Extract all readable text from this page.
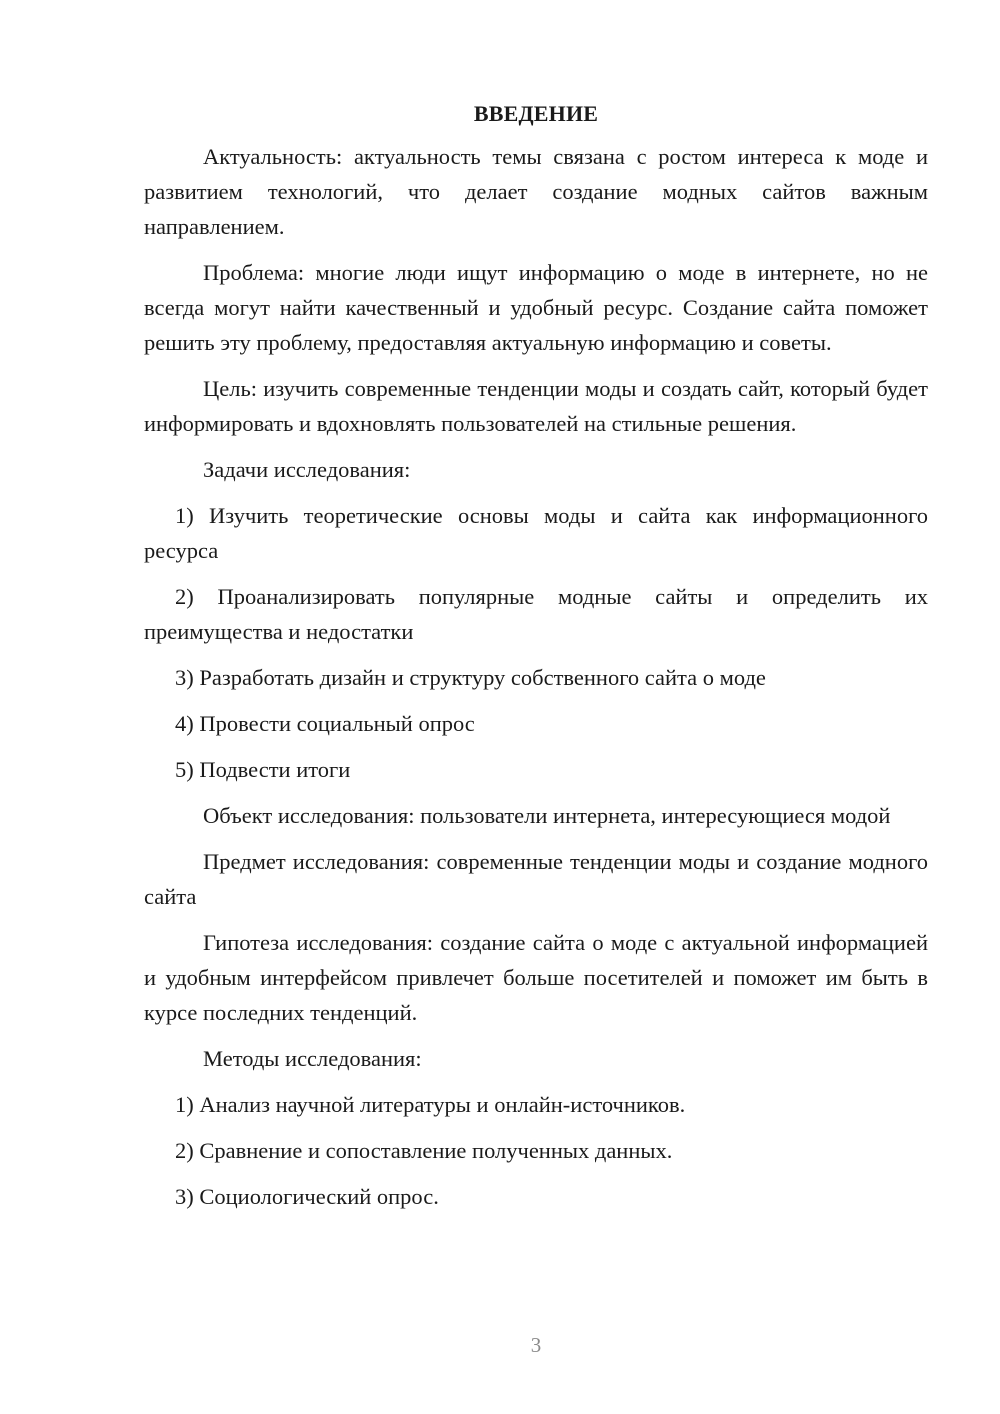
ВВЕДЕНИЕ

Актуальность: актуальность темы связана с ростом интереса к моде и развитием технологий, что делает создание модных сайтов важным направлением.

Проблема: многие люди ищут информацию о моде в интернете, но не всегда могут найти качественный и удобный ресурс. Создание сайта поможет решить эту проблему, предоставляя актуальную информацию и советы.

Цель: изучить современные тенденции моды и создать сайт, который будет информировать и вдохновлять пользователей на стильные решения.

Задачи исследования:

1) Изучить теоретические основы моды и сайта как информационного ресурса

2) Проанализировать популярные модные сайты и определить их преимущества и недостатки

3) Разработать дизайн и структуру собственного сайта о моде

4) Провести социальный опрос

5) Подвести итоги

Объект исследования: пользователи интернета, интересующиеся модой

Предмет исследования: современные тенденции моды и создание модного сайта

Гипотеза исследования: создание сайта о моде с актуальной информацией и удобным интерфейсом привлечет больше посетителей и поможет им быть в курсе последних тенденций.

Методы исследования:

1) Анализ научной литературы и онлайн-источников.

2) Сравнение и сопоставление полученных данных.

3) Социологический опрос.

3
